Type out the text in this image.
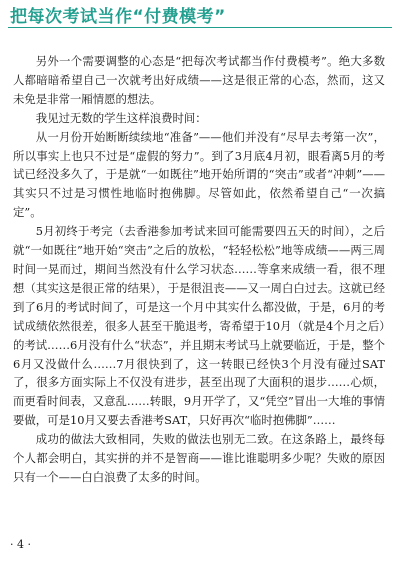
把每次考试当作“付费模考”

另外一个需要调整的心态是“把每次考试都当作付费模考”。绝大多数人都暗暗希望自己一次就考出好成绩——这是很正常的心态，然而，这又未免是非常一厢情愿的想法。

我见过无数的学生这样浪费时间：

从一月份开始断断续续地“准备”——他们并没有“尽早去考第一次”，所以事实上也只不过是“虚假的努力”。到了3月底4月初，眼看离5月的考试已经没多久了，于是就“一如既往”地开始所谓的“突击”或者“冲刺”——其实只不过是习惯性地临时抱佛脚。尽管如此，依然希望自己“一次搞定”。

5月初终于考完（去香港参加考试来回可能需要四五天的时间），之后就“一如既往”地开始“突击”之后的放松，“轻轻松松”地等成绩——两三周时间一晃而过，期间当然没有什么学习状态……等拿来成绩一看，很不理想（其实这是很正常的结果），于是很沮丧——又一周白白过去。这就已经到了6月的考试时间了，可是这一个月中其实什么都没做，于是，6月的考试成绩依然很差，很多人甚至干脆退考，寄希望于10月（就是4个月之后）的考试……6月没有什么“状态”，并且期末考试马上就要临近，于是，整个6月又没做什么……7月很快到了，这一转眼已经快3个月没有碰过SAT了，很多方面实际上不仅没有进步，甚至出现了大面积的退步……心烦，而更看时间表，又意乱……转眼，9月开学了，又“凭空”冒出一大堆的事情要做，可是10月又要去香港考SAT，只好再次“临时抱佛脚”……

成功的做法大致相同，失败的做法也别无二致。在这条路上，最终每个人都会明白，其实拼的并不是智商——谁比谁聪明多少呢？失败的原因只有一个——白白浪费了太多的时间。

· 4 ·
